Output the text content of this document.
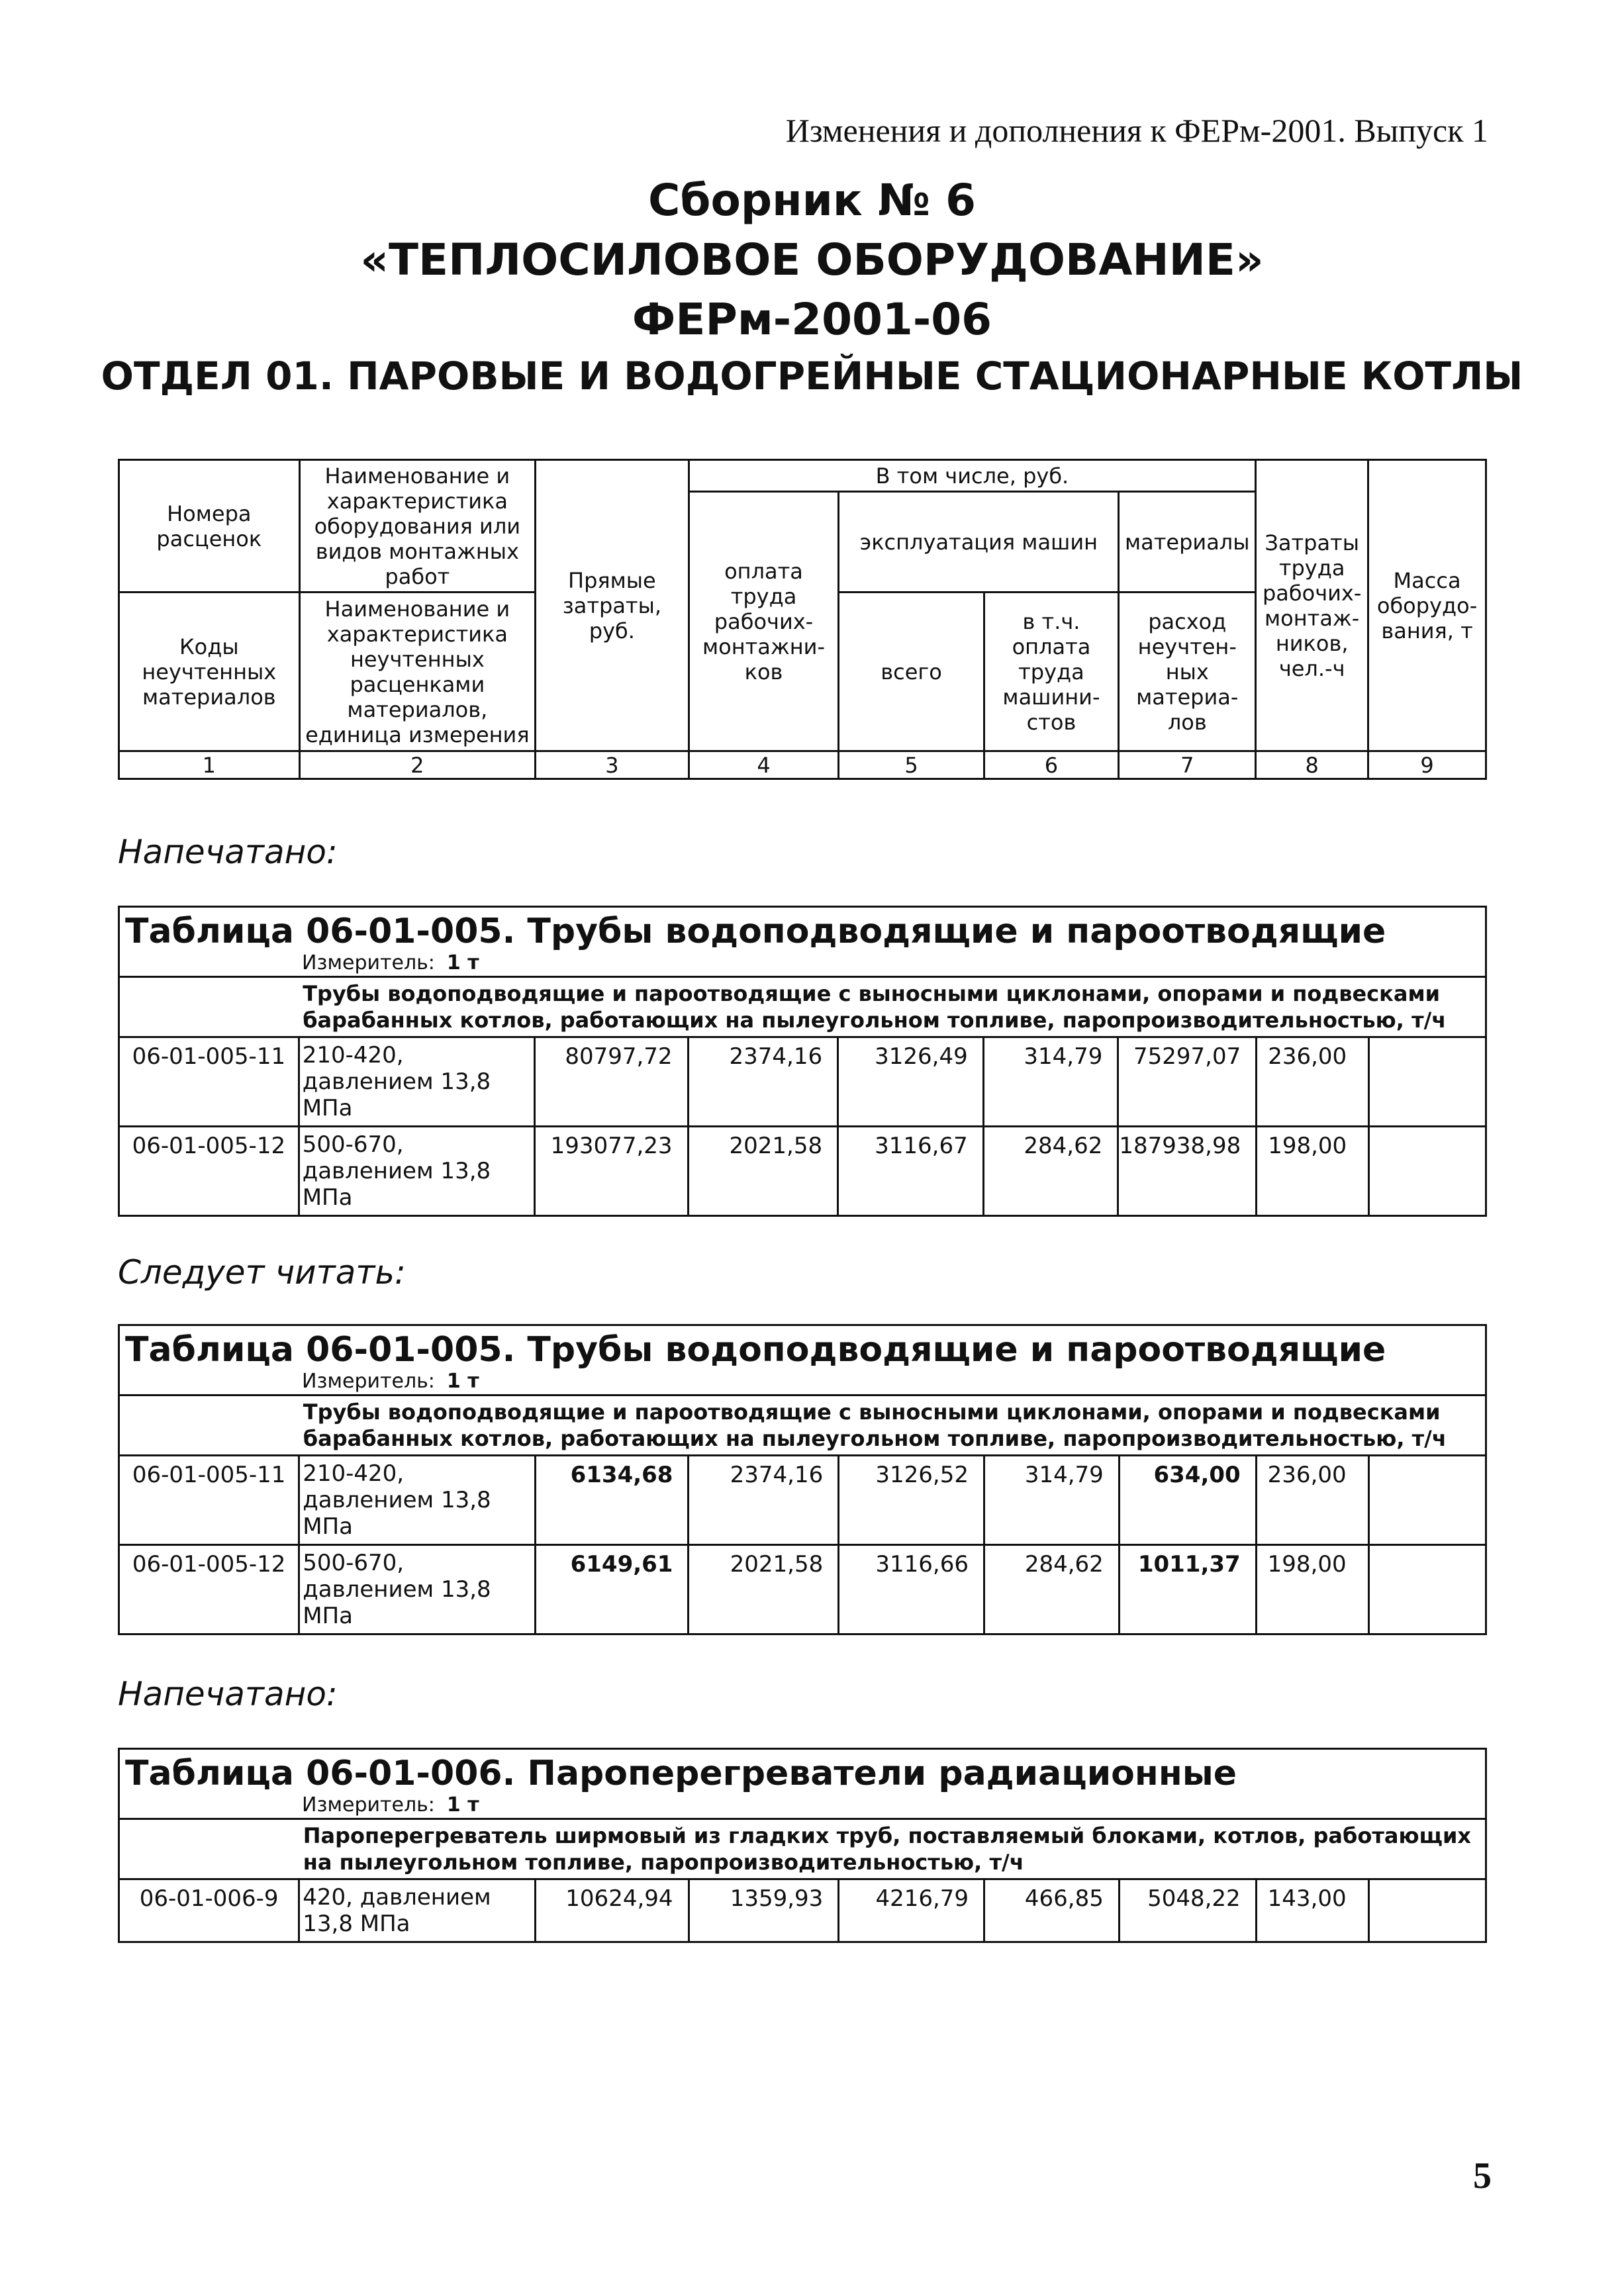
Изменения и дополнения к ФЕРм-2001. Выпуск 1
Сборник № 6
«ТЕПЛОСИЛОВОЕ ОБОРУДОВАНИЕ»
ФЕРм-2001-06
ОТДЕЛ 01. ПАРОВЫЕ И ВОДОГРЕЙНЫЕ СТАЦИОНАРНЫЕ КОТЛЫ
Номера расценок	Наименование и характеристика оборудования или видов монтажных работ	Прямые затраты, руб.	В том числе, руб.				Затраты труда рабочих-монтаж-ников, чел.-ч	Масса оборудо-вания, т
			оплата труда рабочих-монтажни-ков	эксплуатация машин		материалы		
Коды неучтенных материалов	Наименование и характеристика неучтенных расценками материалов, единица измерения			всего	в т.ч. оплата труда машини-стов	расход неучтен-ных материа-лов		
1	2	3	4	5	6	7	8	9
Напечатано:
Таблица 06-01-005. Трубы водоподводящие и пароотводящие								
Измеритель: 1 т								
	Трубы водоподводящие и пароотводящие с выносными циклонами, опорами и подвесками барабанных котлов, работающих на пылеугольном топливе, паропроизводительностью, т/ч							
06-01-005-11	210-420, давлением 13,8 МПа	80797,72	2374,16	3126,49	314,79	75297,07	236,00	
06-01-005-12	500-670, давлением 13,8 МПа	193077,23	2021,58	3116,67	284,62	187938,98	198,00	
Следует читать:
Таблица 06-01-005. Трубы водоподводящие и пароотводящие								
Измеритель: 1 т								
	Трубы водоподводящие и пароотводящие с выносными циклонами, опорами и подвесками барабанных котлов, работающих на пылеугольном топливе, паропроизводительностью, т/ч							
06-01-005-11	210-420, давлением 13,8 МПа	6134,68	2374,16	3126,52	314,79	634,00	236,00	
06-01-005-12	500-670, давлением 13,8 МПа	6149,61	2021,58	3116,66	284,62	1011,37	198,00	
Напечатано:
Таблица 06-01-006. Пароперегреватели радиационные								
Измеритель: 1 т								
	Пароперегреватель ширмовый из гладких труб, поставляемый блоками, котлов, работающих на пылеугольном топливе, паропроизводительностью, т/ч							
06-01-006-9	420, давлением 13,8 МПа	10624,94	1359,93	4216,79	466,85	5048,22	143,00	
5
